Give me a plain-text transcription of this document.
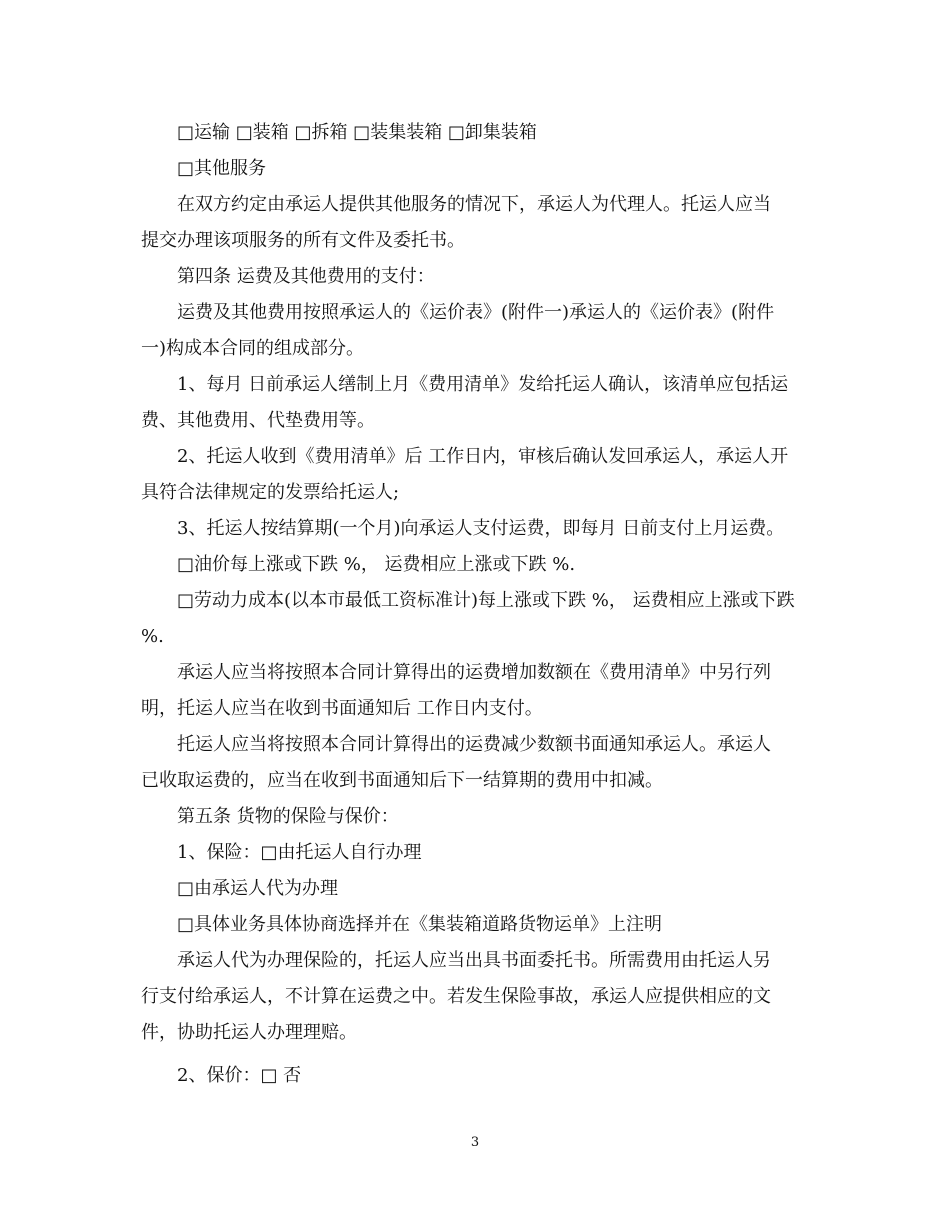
□运输 □装箱 □拆箱 □装集装箱 □卸集装箱
□其他服务
在双方约定由承运人提供其他服务的情况下，承运人为代理人。托运人应当
提交办理该项服务的所有文件及委托书。
第四条 运费及其他费用的支付：
运费及其他费用按照承运人的《运价表》(附件一)承运人的《运价表》(附件
一)构成本合同的组成部分。
1、每月 日前承运人缮制上月《费用清单》发给托运人确认，该清单应包括运
费、其他费用、代垫费用等。
2、托运人收到《费用清单》后 工作日内，审核后确认发回承运人，承运人开
具符合法律规定的发票给托运人;
3、托运人按结算期(一个月)向承运人支付运费，即每月 日前支付上月运费。
□油价每上涨或下跌 %， 运费相应上涨或下跌 %.
□劳动力成本(以本市最低工资标准计)每上涨或下跌 %， 运费相应上涨或下跌
%.
承运人应当将按照本合同计算得出的运费增加数额在《费用清单》中另行列
明，托运人应当在收到书面通知后 工作日内支付。
托运人应当将按照本合同计算得出的运费减少数额书面通知承运人。承运人
已收取运费的，应当在收到书面通知后下一结算期的费用中扣减。
第五条 货物的保险与保价：
1、保险：□由托运人自行办理
□由承运人代为办理
□具体业务具体协商选择并在《集装箱道路货物运单》上注明
承运人代为办理保险的，托运人应当出具书面委托书。所需费用由托运人另
行支付给承运人，不计算在运费之中。若发生保险事故，承运人应提供相应的文
件，协助托运人办理理赔。
2、保价：□ 否
3
